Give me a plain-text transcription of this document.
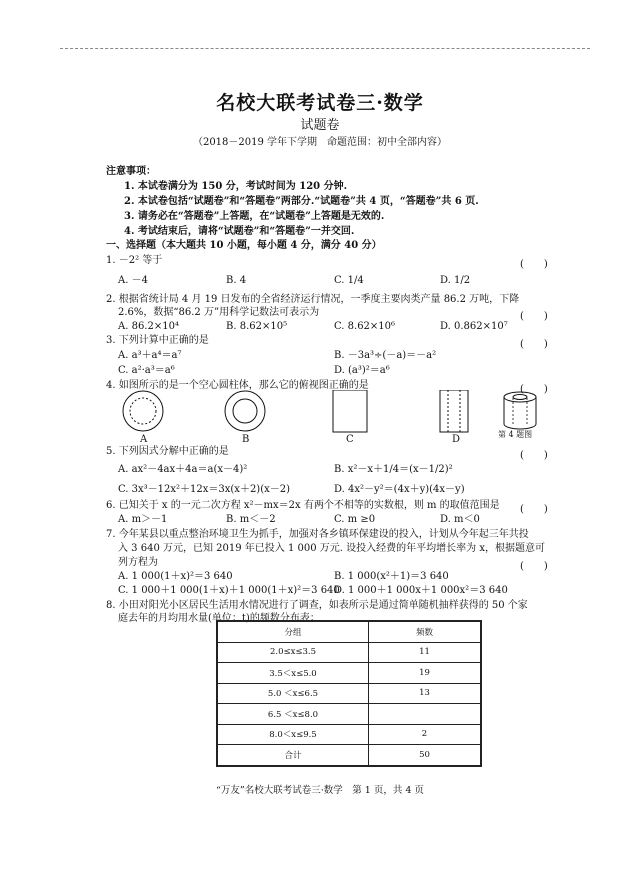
名校大联考试卷三·数学
试题卷
（2018－2019 学年下学期　命题范围：初中全部内容）
注意事项：
1. 本试卷满分为 150 分，考试时间为 120 分钟.
2. 本试卷包括“试题卷”和“答题卷”两部分.“试题卷”共 4 页，“答题卷”共 6 页.
3. 请务必在“答题卷”上答题，在“试题卷”上答题是无效的.
4. 考试结束后，请将“试题卷”和“答题卷”一并交回.
一、选择题（本大题共 10 小题，每小题 4 分，满分 40 分）
1. －2² 等于	(　　)
A. －4	B. 4	C. 1/4	D. 1/2
2. 根据省统计局 4 月 19 日发布的全省经济运行情况，一季度主要肉类产量 86.2 万吨，下降
2.6%，数据“86.2 万”用科学记数法可表示为	(　　)
A. 86.2×10⁴	B. 8.62×10⁵	C. 8.62×10⁶	D. 0.862×10⁷
3. 下列计算中正确的是	(　　)
A. a³＋a⁴＝a⁷	B. －3a³÷(－a)＝－a²
C. a²·a³＝a⁶	D. (a³)²＝a⁶
4. 如图所示的是一个空心圆柱体，那么它的俯视图正确的是	(　　)
A	B	C	D	第 4 题图
5. 下列因式分解中正确的是	(　　)
A. ax²－4ax＋4a＝a(x－4)²	B. x²－x＋1/4＝(x－1/2)²
C. 3x³－12x²＋12x＝3x(x＋2)(x－2)	D. 4x²－y²＝(4x＋y)(4x－y)
6. 已知关于 x 的一元二次方程 x²－mx＝2x 有两个不相等的实数根，则 m 的取值范围是 (　　)
A. m＞－1	B. m＜－2	C. m ≥0	D. m＜0
7. 今年某县以重点整治环境卫生为抓手，加强对各乡镇环保建设的投入，计划从今年起三年共投
入 3 640 万元，已知 2019 年已投入 1 000 万元. 设投入经费的年平均增长率为 x，根据题意可
列方程为	(　　)
A. 1 000(1＋x)²＝3 640	B. 1 000(x²＋1)＝3 640
C. 1 000＋1 000(1＋x)＋1 000(1＋x)²＝3 640
D. 1 000＋1 000x＋1 000x²＝3 640
8. 小田对阳光小区居民生活用水情况进行了调查，如表所示是通过简单随机抽样获得的 50 个家
庭去年的月均用水量(单位：t)的频数分布表：
分组	频数
2.0≤x≤3.5	11
3.5＜x≤5.0	19
5.0 ＜x≤6.5	13
6.5 ＜x≤8.0	
8.0＜x≤9.5	2
合计	50
“万友”名校大联考试卷三·数学　第 1 页，共 4 页
